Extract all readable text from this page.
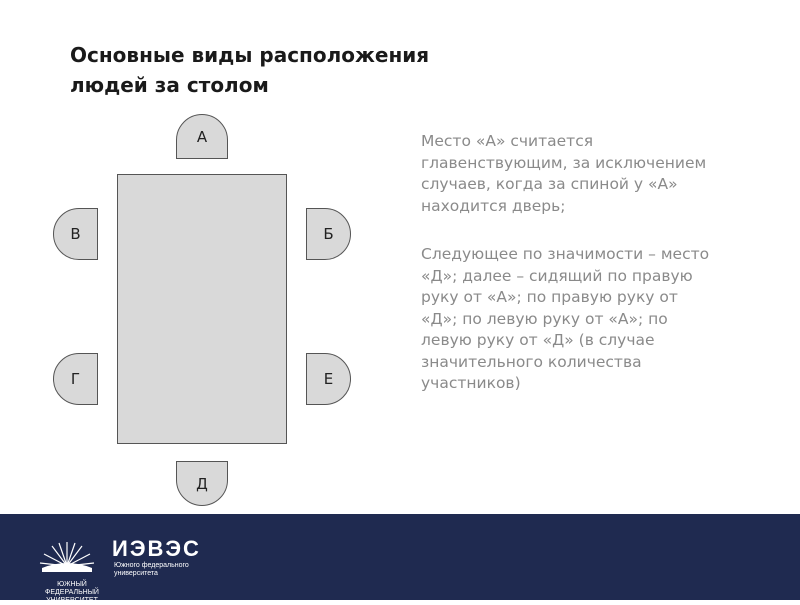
Основные виды расположения
людей за столом
А
Д
В
Г
Б
Е

Место «А» считается главенствующим, за исключением случаев, когда за спиной у «А» находится дверь;

Следующее по значимости – место «Д»; далее – сидящий по правую руку от «А»; по правую руку от «Д»; по левую руку от «А»; по левую руку от «Д» (в случае значительного количества участников)

ЮЖНЫЙ
ФЕДЕРАЛЬНЫЙ
УНИВЕРСИТЕТ
ИЭВЭС
Южного федерального
университета
